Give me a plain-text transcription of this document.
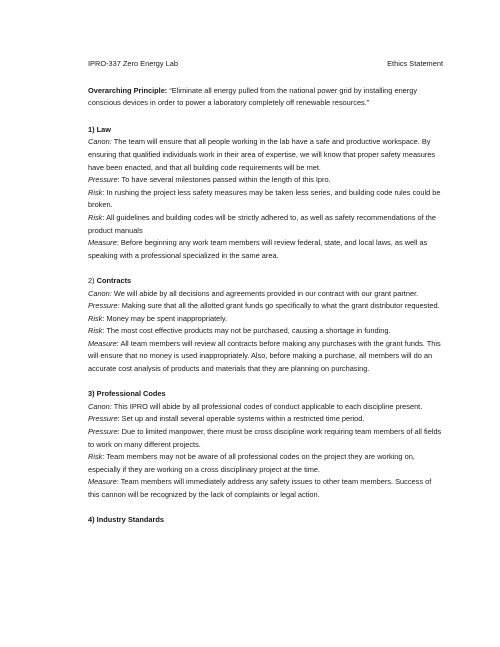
IPRO-337 Zero Energy Lab	Ethics Statement

Overarching Principle: “Eliminate all energy pulled from the national power grid by installing energy conscious devices in order to power a laboratory completely off renewable resources.”

1) Law

Canon: The team will ensure that all people working in the lab have a safe and productive workspace. By ensuring that qualified individuals work in their area of expertise, we will know that proper safety measures have been enacted, and that all building code requirements will be met.

Pressure: To have several milestones passed within the length of this Ipro.

Risk: In rushing the project less safety measures may be taken less series, and building code rules could be broken.

Risk: All guidelines and building codes will be strictly adhered to, as well as safety recommendations of the product manuals

Measure: Before beginning any work team members will review federal, state, and local laws, as well as speaking with a professional specialized in the same area.

2) Contracts

Canon: We will abide by all decisions and agreements provided in our contract with our grant partner.

Pressure: Making sure that all the allotted grant funds go specifically to what the grant distributor requested.

Risk: Money may be spent inappropriately.

Risk: The most cost effective products may not be purchased, causing a shortage in funding.

Measure: All team members will review all contracts before making any purchases with the grant funds. This will ensure that no money is used inappropriately. Also, before making a purchase, all members will do an accurate cost analysis of products and materials that they are planning on purchasing.

3) Professional Codes

Canon: This IPRO will abide by all professional codes of conduct applicable to each discipline present.

Pressure: Set up and install several operable systems within a restricted time period.

Pressure: Due to limited manpower, there must be cross discipline work requiring team members of all fields to work on many different projects.

Risk: Team members may not be aware of all professional codes on the project they are working on, especially if they are working on a cross disciplinary project at the time.

Measure: Team members will immediately address any safety issues to other team members. Success of this cannon will be recognized by the lack of complaints or legal action.

4) Industry Standards
